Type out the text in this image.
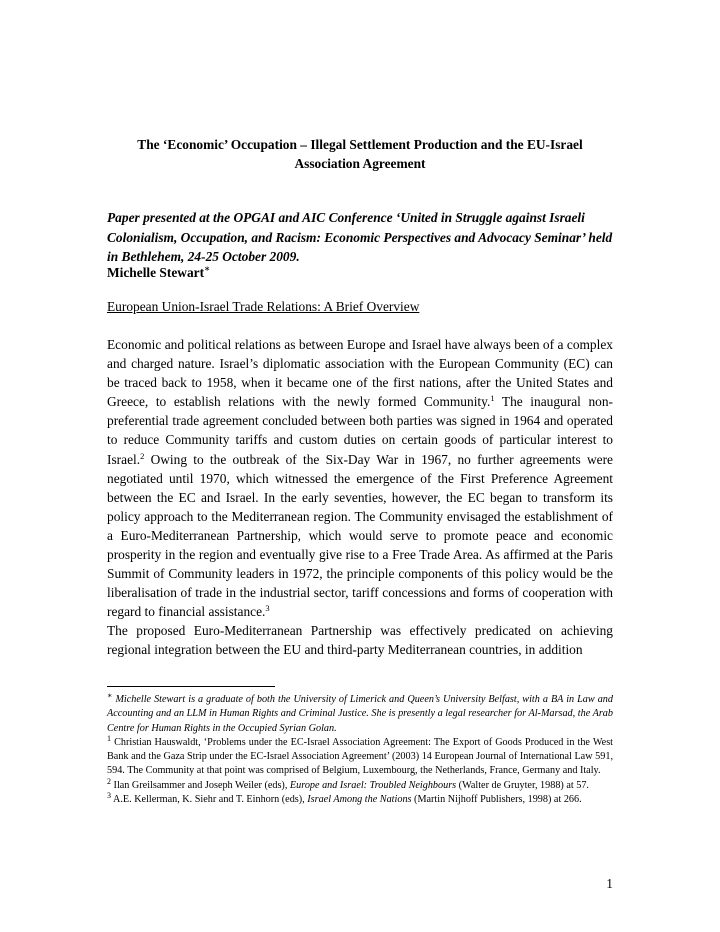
The ‘Economic’ Occupation – Illegal Settlement Production and the EU-Israel
Association Agreement
Paper presented at the OPGAI and AIC Conference ‘United in Struggle against Israeli Colonialism, Occupation, and Racism: Economic Perspectives and Advocacy Seminar’ held in Bethlehem, 24-25 October 2009.
Michelle Stewart∗
European Union-Israel Trade Relations: A Brief Overview

Economic and political relations as between Europe and Israel have always been of a complex and charged nature. Israel’s diplomatic association with the European Community (EC) can be traced back to 1958, when it became one of the first nations, after the United States and Greece, to establish relations with the newly formed Community.$^1$ The inaugural non-preferential trade agreement concluded between both parties was signed in 1964 and operated to reduce Community tariffs and custom duties on certain goods of particular interest to Israel.$^2$ Owing to the outbreak of the Six-Day War in 1967, no further agreements were negotiated until 1970, which witnessed the emergence of the First Preference Agreement between the EC and Israel. In the early seventies, however, the EC began to transform its policy approach to the Mediterranean region. The Community envisaged the establishment of a Euro-Mediterranean Partnership, which would serve to promote peace and economic prosperity in the region and eventually give rise to a Free Trade Area. As affirmed at the Paris Summit of Community leaders in 1972, the principle components of this policy would be the liberalisation of trade in the industrial sector, tariff concessions and forms of cooperation with regard to financial assistance.$^3$

The proposed Euro-Mediterranean Partnership was effectively predicated on achieving regional integration between the EU and third-party Mediterranean countries, in addition

∗ Michelle Stewart is a graduate of both the University of Limerick and Queen’s University Belfast, with a BA in Law and Accounting and an LLM in Human Rights and Criminal Justice. She is presently a legal researcher for Al-Marsad, the Arab Centre for Human Rights in the Occupied Syrian Golan.

$^1$ Christian Hauswaldt, ‘Problems under the EC-Israel Association Agreement: The Export of Goods Produced in the West Bank and the Gaza Strip under the EC-Israel Association Agreement’ (2003) 14 European Journal of International Law 591, 594. The Community at that point was comprised of Belgium, Luxembourg, the Netherlands, France, Germany and Italy.

$^2$ Ilan Greilsammer and Joseph Weiler (eds), Europe and Israel: Troubled Neighbours (Walter de Gruyter, 1988) at 57.

$^3$ A.E. Kellerman, K. Siehr and T. Einhorn (eds), Israel Among the Nations (Martin Nijhoff Publishers, 1998) at 266.

1
